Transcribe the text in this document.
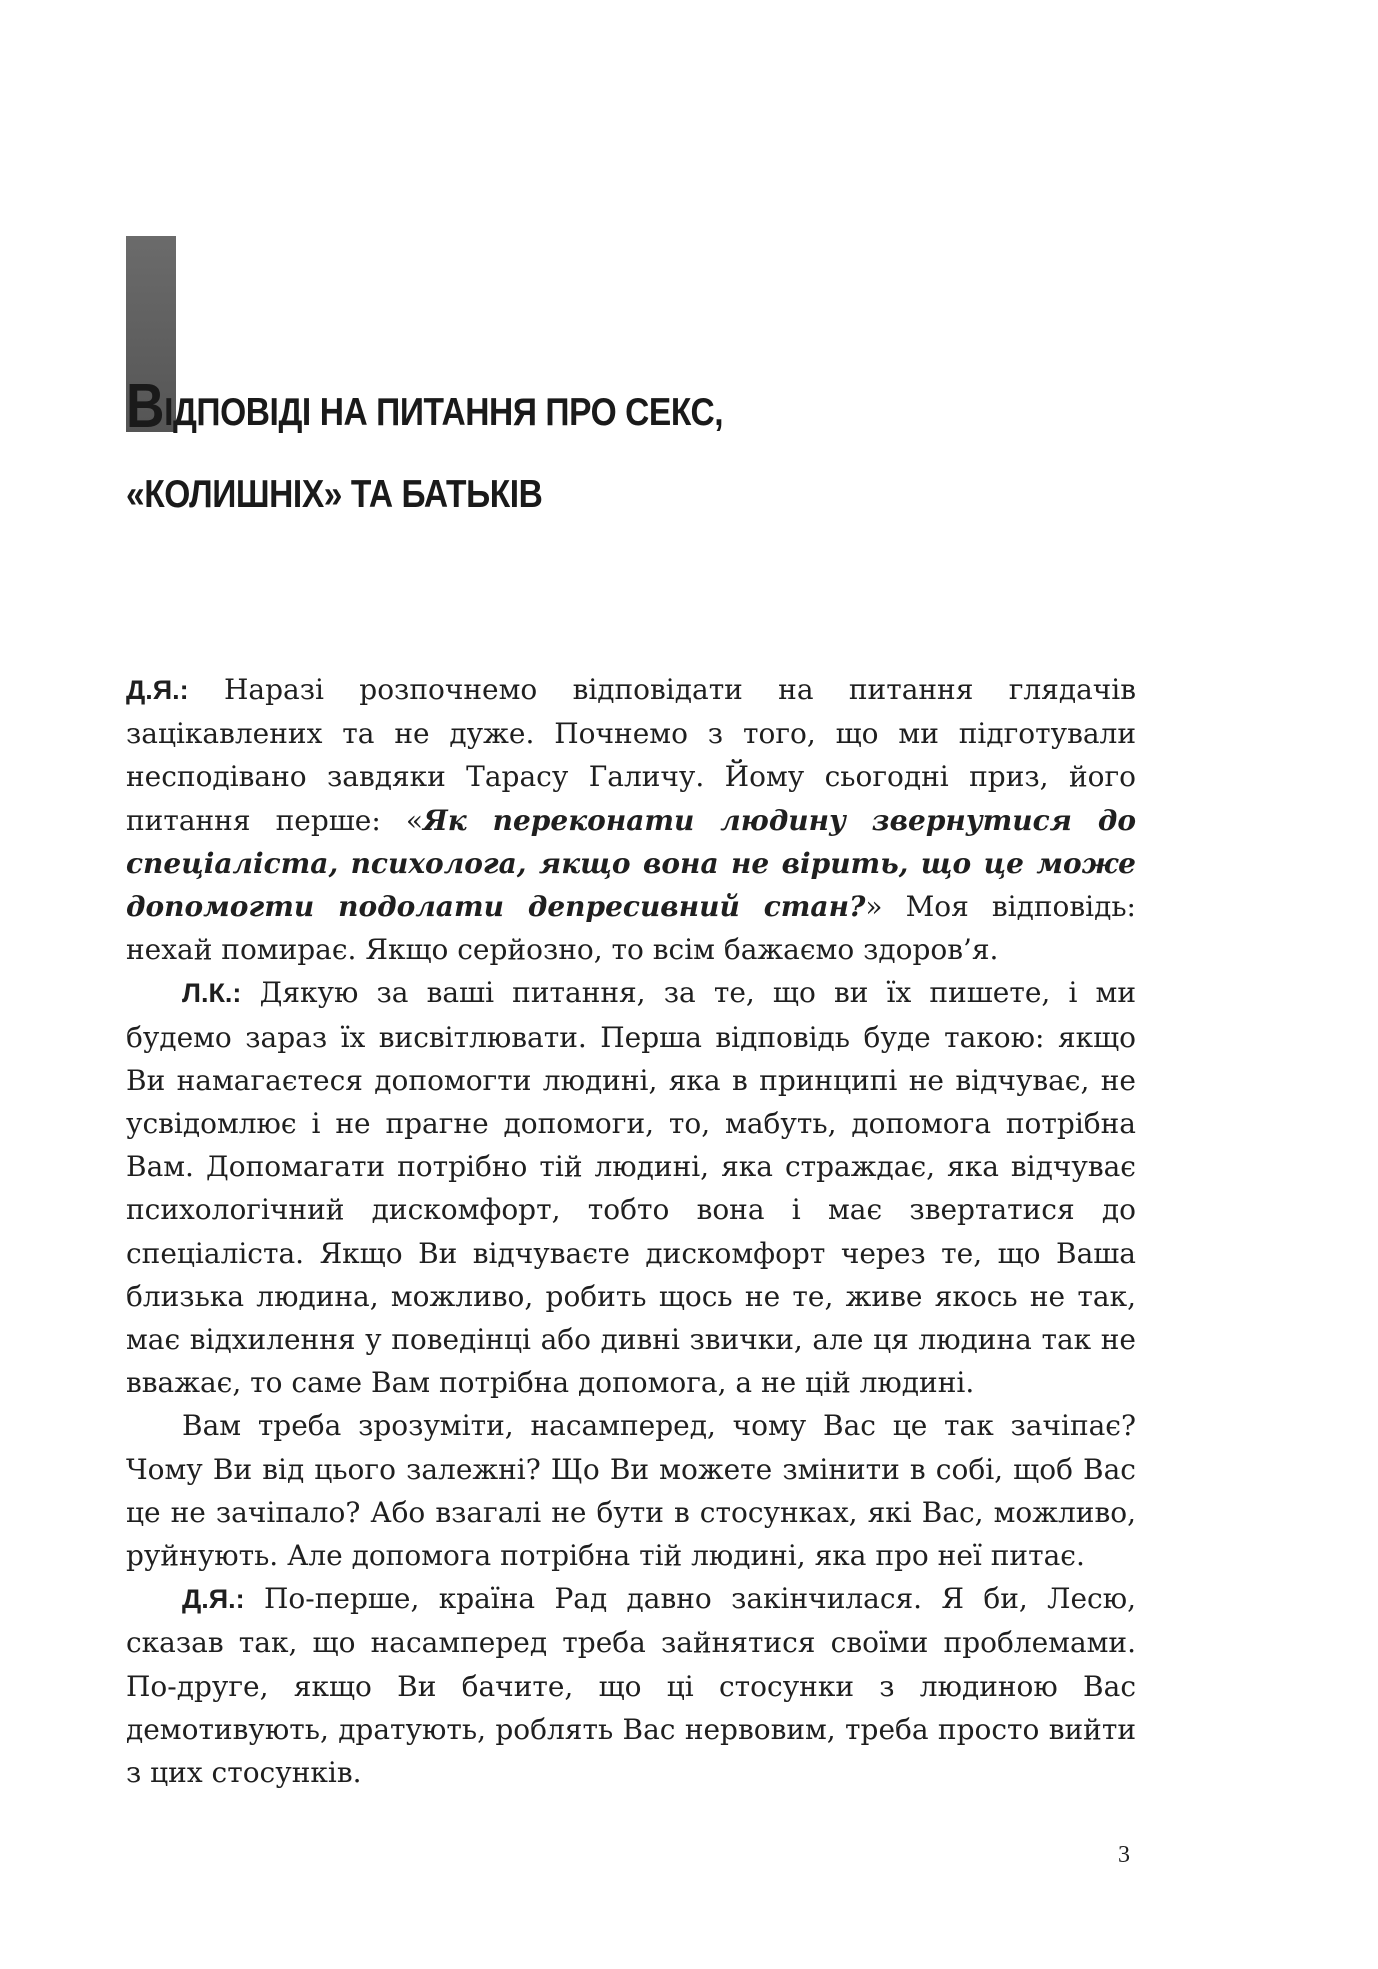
ВІДПОВІДІ НА ПИТАННЯ ПРО СЕКС,
«КОЛИШНІХ» ТА БАТЬКІВ

Д.Я.: Наразі розпочнемо відповідати на питання глядачів зацікавлених та не дуже. Почнемо з того, що ми підготували несподівано завдяки Тарасу Галичу. Йому сьогодні приз, його питання перше: «Як переконати людину звернутися до спеціаліста, психолога, якщо вона не вірить, що це може допомогти подолати депресивний стан?» Моя відповідь: нехай помирає. Якщо серйозно, то всім бажаємо здоров’я.

Л.К.: Дякую за ваші питання, за те, що ви їх пишете, і ми будемо зараз їх висвітлювати. Перша відповідь буде такою: якщо Ви намагаєтеся допомогти людині, яка в принципі не відчуває, не усвідомлює і не прагне допомоги, то, мабуть, допомога потрібна Вам. Допомагати потрібно тій людині, яка страждає, яка відчуває психологічний дискомфорт, тобто вона і має звертатися до спеціаліста. Якщо Ви відчуваєте дискомфорт через те, що Ваша близька людина, можливо, робить щось не те, живе якось не так, має відхилення у поведінці або дивні звички, але ця людина так не вважає, то саме Вам потрібна допомога, а не цій людині.

Вам треба зрозуміти, насамперед, чому Вас це так зачіпає? Чому Ви від цього залежні? Що Ви можете змінити в собі, щоб Вас це не зачіпало? Або взагалі не бути в стосунках, які Вас, можливо, руйнують. Але допомога потрібна тій людині, яка про неї питає.

Д.Я.: По-перше, країна Рад давно закінчилася. Я би, Лесю, сказав так, що насамперед треба зайнятися своїми проблемами. По-друге, якщо Ви бачите, що ці стосунки з людиною Вас демотивують, дратують, роблять Вас нервовим, треба просто вийти з цих стосунків.

3
